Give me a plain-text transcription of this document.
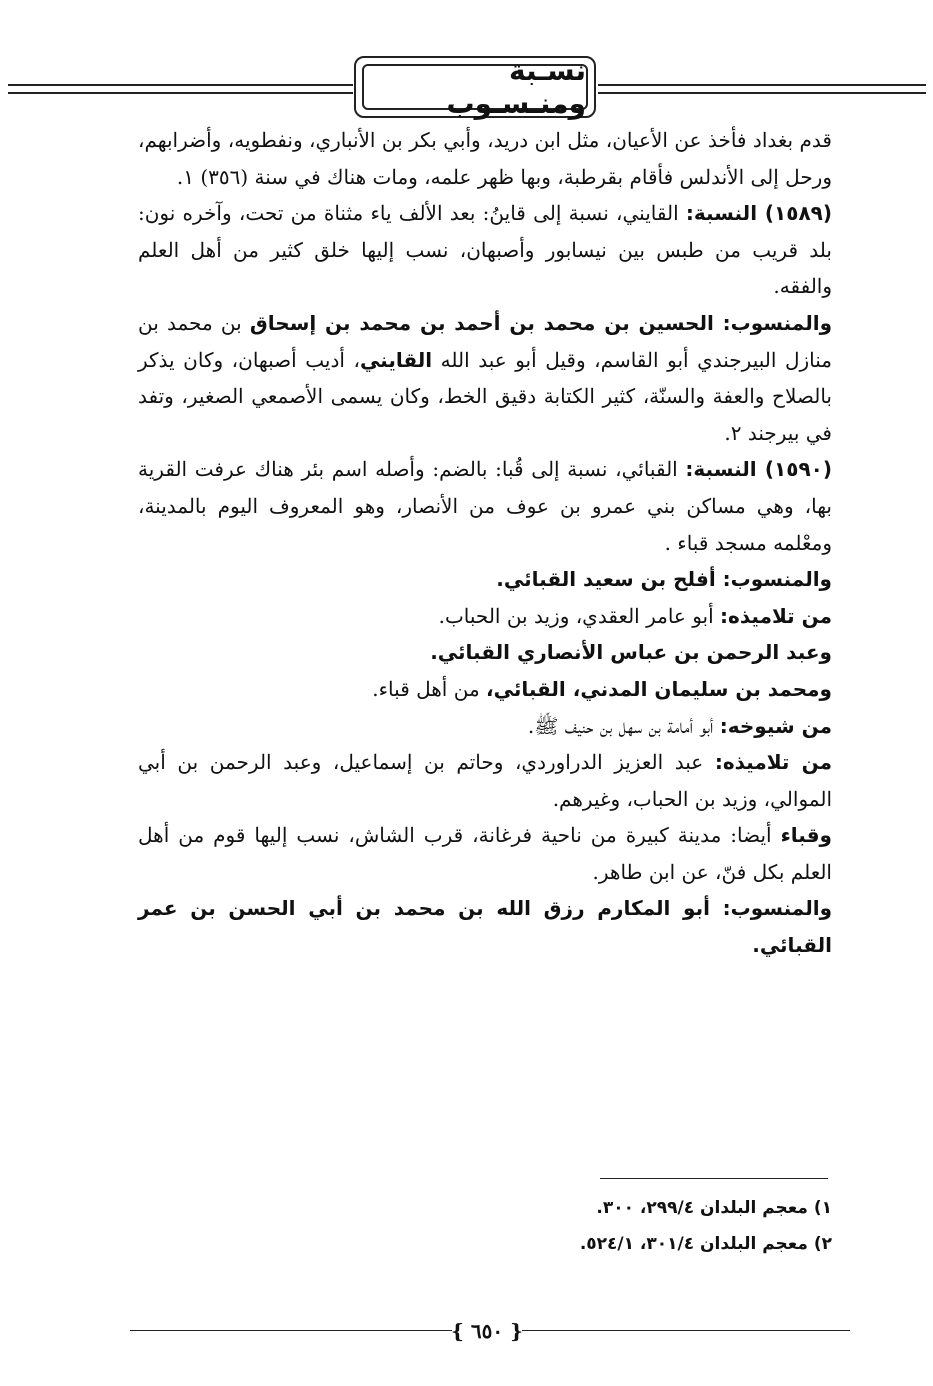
نسـبة ومنـسـوب

قدم بغداد فأخذ عن الأعيان، مثل ابن دريد، وأبي بكر بن الأنباري، ونفطويه، وأضرابهم، ورحل إلى الأندلس فأقام بقرطبة، وبها ظهر علمه، ومات هناك في سنة (٣٥٦) ١.

(١٥٨٩) النسبة: القايني، نسبة إلى قاينُ: بعد الألف ياء مثناة من تحت، وآخره نون: بلد قريب من طبس بين نيسابور وأصبهان، نسب إليها خلق كثير من أهل العلم والفقه.

والمنسوب: الحسين بن محمد بن أحمد بن محمد بن إسحاق بن محمد بن منازل البيرجندي أبو القاسم، وقيل أبو عبد الله القايني، أديب أصبهان، وكان يذكر بالصلاح والعفة والسنّة، كثير الكتابة دقيق الخط، وكان يسمى الأصمعي الصغير، وتفد في بيرجند ٢.

(١٥٩٠) النسبة: القبائي، نسبة إلى قُبا: بالضم: وأصله اسم بئر هناك عرفت القرية بها، وهي مساكن بني عمرو بن عوف من الأنصار، وهو المعروف اليوم بالمدينة، ومعْلمه مسجد قباء .

والمنسوب: أفلح بن سعيد القبائي.

من تلاميذه: أبو عامر العقدي، وزيد بن الحباب.

وعبد الرحمن بن عباس الأنصاري القبائي.

ومحمد بن سليمان المدني، القبائي، من أهل قباء.

من شيوخه: أبو أمامة بن سهل بن حنيف ﷺ.

من تلاميذه: عبد العزيز الدراوردي، وحاتم بن إسماعيل، وعبد الرحمن بن أبي الموالي، وزيد بن الحباب، وغيرهم.

وقباء أيضا: مدينة كبيرة من ناحية فرغانة، قرب الشاش، نسب إليها قوم من أهل العلم بكل فنّ، عن ابن طاهر.

والمنسوب: أبو المكارم رزق الله بن محمد بن أبي الحسن بن عمر القبائي.

١) معجم البلدان ٢٩٩/٤، ٣٠٠.

٢) معجم البلدان ٣٠١/٤، ٥٢٤/١.

{
٦٥٠
}
